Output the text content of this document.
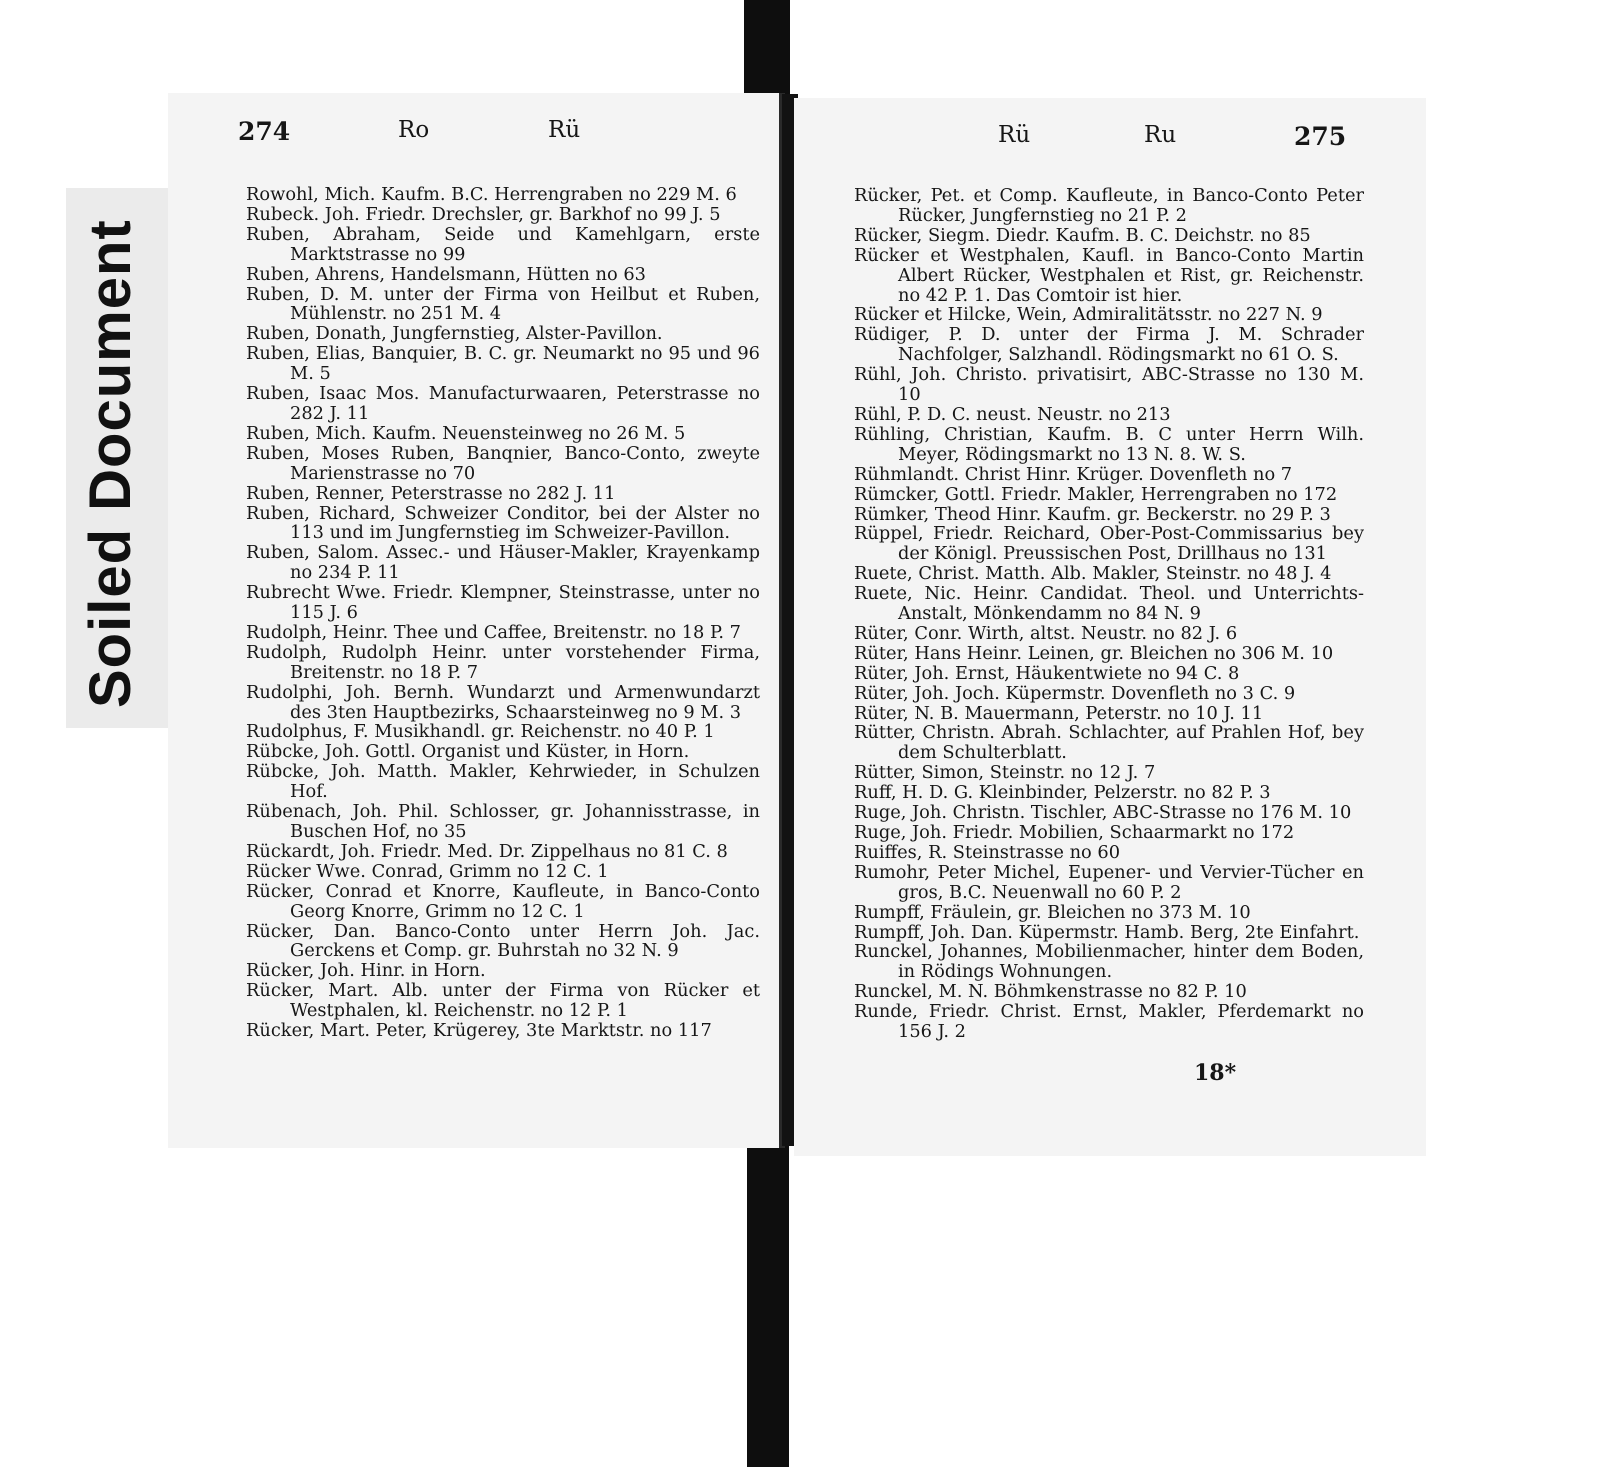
Soiled Document
274	Ro	Rü

Rowohl, Mich. Kaufm. B.C. Herrengraben no 229 M. 6

Rubeck. Joh. Friedr. Drechsler, gr. Barkhof no 99 J. 5

Ruben, Abraham, Seide und Kamehlgarn, erste Marktstrasse no 99

Ruben, Ahrens, Handelsmann, Hütten no 63

Ruben, D. M. unter der Firma von Heilbut et Ruben, Mühlenstr. no 251 M. 4

Ruben, Donath, Jungfernstieg, Alster-Pavillon.

Ruben, Elias, Banquier, B. C. gr. Neumarkt no 95 und 96 M. 5

Ruben, Isaac Mos. Manufacturwaaren, Peterstrasse no 282 J. 11

Ruben, Mich. Kaufm. Neuensteinweg no 26 M. 5

Ruben, Moses Ruben, Banqnier, Banco-Conto, zweyte Marienstrasse no 70

Ruben, Renner, Peterstrasse no 282 J. 11

Ruben, Richard, Schweizer Conditor, bei der Alster no 113 und im Jungfernstieg im Schweizer-Pavillon.

Ruben, Salom. Assec.- und Häuser-Makler, Krayenkamp no 234 P. 11

Rubrecht Wwe. Friedr. Klempner, Steinstrasse, unter no 115 J. 6

Rudolph, Heinr. Thee und Caffee, Breitenstr. no 18 P. 7

Rudolph, Rudolph Heinr. unter vorstehender Firma, Breitenstr. no 18 P. 7

Rudolphi, Joh. Bernh. Wundarzt und Armenwundarzt des 3ten Hauptbezirks, Schaarsteinweg no 9 M. 3

Rudolphus, F. Musikhandl. gr. Reichenstr. no 40 P. 1

Rübcke, Joh. Gottl. Organist und Küster, in Horn.

Rübcke, Joh. Matth. Makler, Kehrwieder, in Schulzen Hof.

Rübenach, Joh. Phil. Schlosser, gr. Johannisstrasse, in Buschen Hof, no 35

Rückardt, Joh. Friedr. Med. Dr. Zippelhaus no 81 C. 8

Rücker Wwe. Conrad, Grimm no 12 C. 1

Rücker, Conrad et Knorre, Kaufleute, in Banco-Conto Georg Knorre, Grimm no 12 C. 1

Rücker, Dan. Banco-Conto unter Herrn Joh. Jac. Gerckens et Comp. gr. Buhrstah no 32 N. 9

Rücker, Joh. Hinr. in Horn.

Rücker, Mart. Alb. unter der Firma von Rücker et Westphalen, kl. Reichenstr. no 12 P. 1

Rücker, Mart. Peter, Krügerey, 3te Marktstr. no 117

Rü	Ru	275

Rücker, Pet. et Comp. Kaufleute, in Banco-Conto Peter Rücker, Jungfernstieg no 21 P. 2

Rücker, Siegm. Diedr. Kaufm. B. C. Deichstr. no 85

Rücker et Westphalen, Kaufl. in Banco-Conto Martin Albert Rücker, Westphalen et Rist, gr. Reichenstr. no 42 P. 1. Das Comtoir ist hier.

Rücker et Hilcke, Wein, Admiralitätsstr. no 227 N. 9

Rüdiger, P. D. unter der Firma J. M. Schrader Nachfolger, Salzhandl. Rödingsmarkt no 61 O. S.

Rühl, Joh. Christo. privatisirt, ABC-Strasse no 130 M. 10

Rühl, P. D. C. neust. Neustr. no 213

Rühling, Christian, Kaufm. B. C unter Herrn Wilh. Meyer, Rödingsmarkt no 13 N. 8. W. S.

Rühmlandt. Christ Hinr. Krüger. Dovenfleth no 7

Rümcker, Gottl. Friedr. Makler, Herrengraben no 172

Rümker, Theod Hinr. Kaufm. gr. Beckerstr. no 29 P. 3

Rüppel, Friedr. Reichard, Ober-Post-Commissarius bey der Königl. Preussischen Post, Drillhaus no 131

Ruete, Christ. Matth. Alb. Makler, Steinstr. no 48 J. 4

Ruete, Nic. Heinr. Candidat. Theol. und Unterrichts-Anstalt, Mönkendamm no 84 N. 9

Rüter, Conr. Wirth, altst. Neustr. no 82 J. 6

Rüter, Hans Heinr. Leinen, gr. Bleichen no 306 M. 10

Rüter, Joh. Ernst, Häukentwiete no 94 C. 8

Rüter, Joh. Joch. Küpermstr. Dovenfleth no 3 C. 9

Rüter, N. B. Mauermann, Peterstr. no 10 J. 11

Rütter, Christn. Abrah. Schlachter, auf Prahlen Hof, bey dem Schulterblatt.

Rütter, Simon, Steinstr. no 12 J. 7

Ruff, H. D. G. Kleinbinder, Pelzerstr. no 82 P. 3

Ruge, Joh. Christn. Tischler, ABC-Strasse no 176 M. 10

Ruge, Joh. Friedr. Mobilien, Schaarmarkt no 172

Ruiffes, R. Steinstrasse no 60

Rumohr, Peter Michel, Eupener- und Vervier-Tücher en gros, B.C. Neuenwall no 60 P. 2

Rumpff, Fräulein, gr. Bleichen no 373 M. 10

Rumpff, Joh. Dan. Küpermstr. Hamb. Berg, 2te Einfahrt.

Runckel, Johannes, Mobilienmacher, hinter dem Boden, in Rödings Wohnungen.

Runckel, M. N. Böhmkenstrasse no 82 P. 10

Runde, Friedr. Christ. Ernst, Makler, Pferdemarkt no 156 J. 2

18*
